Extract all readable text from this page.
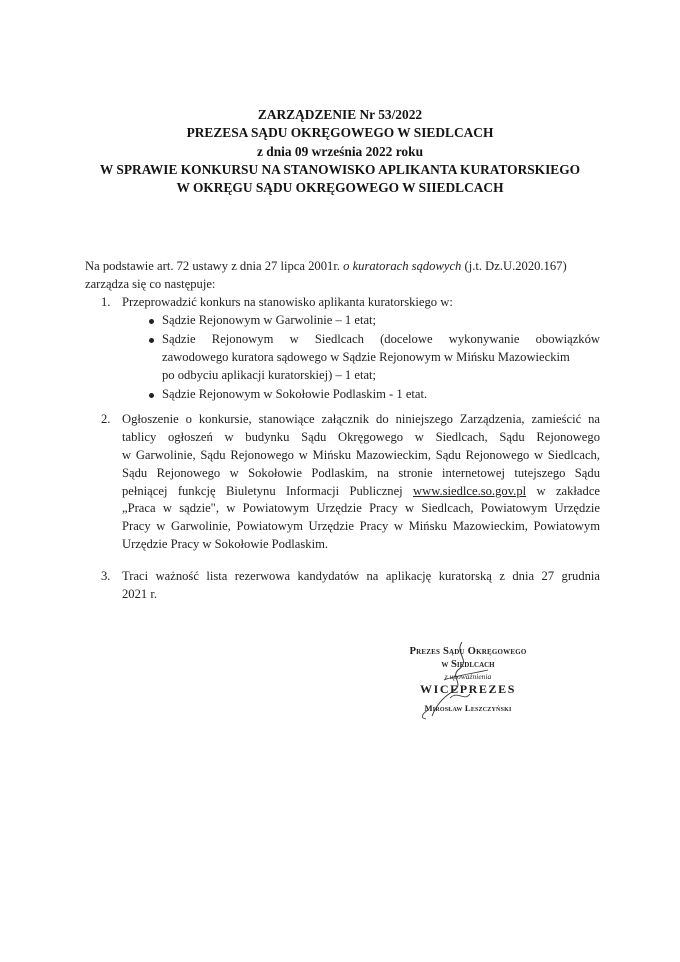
ZARZĄDZENIE Nr 53/2022
PREZESA SĄDU OKRĘGOWEGO W SIEDLCACH
z dnia 09 września 2022 roku
W SPRAWIE KONKURSU NA STANOWISKO APLIKANTA KURATORSKIEGO
W OKRĘGU SĄDU OKRĘGOWEGO W SIIEDLCACH

Na podstawie art. 72 ustawy z dnia 27 lipca 2001r. o kuratorach sądowych (j.t. Dz.U.2020.167)

zarządza się co następuje:

1. Przeprowadzić konkurs na stanowisko aplikanta kuratorskiego w:
Sądzie Rejonowym w Garwolinie – 1 etat;
Sądzie Rejonowym w Siedlcach (docelowe wykonywanie obowiązków
zawodowego kuratora sądowego w Sądzie Rejonowym w Mińsku Mazowieckim
po odbyciu aplikacji kuratorskiej) – 1 etat;
Sądzie Rejonowym w Sokołowie Podlaskim - 1 etat.
2. Ogłoszenie o konkursie, stanowiące załącznik do niniejszego Zarządzenia, zamieścić na
tablicy ogłoszeń w budynku Sądu Okręgowego w Siedlcach, Sądu Rejonowego
w Garwolinie, Sądu Rejonowego w Mińsku Mazowieckim, Sądu Rejonowego w Siedlcach,
Sądu Rejonowego w Sokołowie Podlaskim, na stronie internetowej tutejszego Sądu
pełniącej funkcję Biuletynu Informacji Publicznej www.siedlce.so.gov.pl w zakładce
„Praca w sądzie", w Powiatowym Urzędzie Pracy w Siedlcach, Powiatowym Urzędzie
Pracy w Garwolinie, Powiatowym Urzędzie Pracy w Mińsku Mazowieckim, Powiatowym
Urzędzie Pracy w Sokołowie Podlaskim.
3. Traci ważność lista rezerwowa kandydatów na aplikację kuratorską z dnia 27 grudnia
2021 r.
Prezes Sądu Okręgowego
w Siedlcach
z upoważnienia
WICEPREZES
Mirosław Leszczyński
